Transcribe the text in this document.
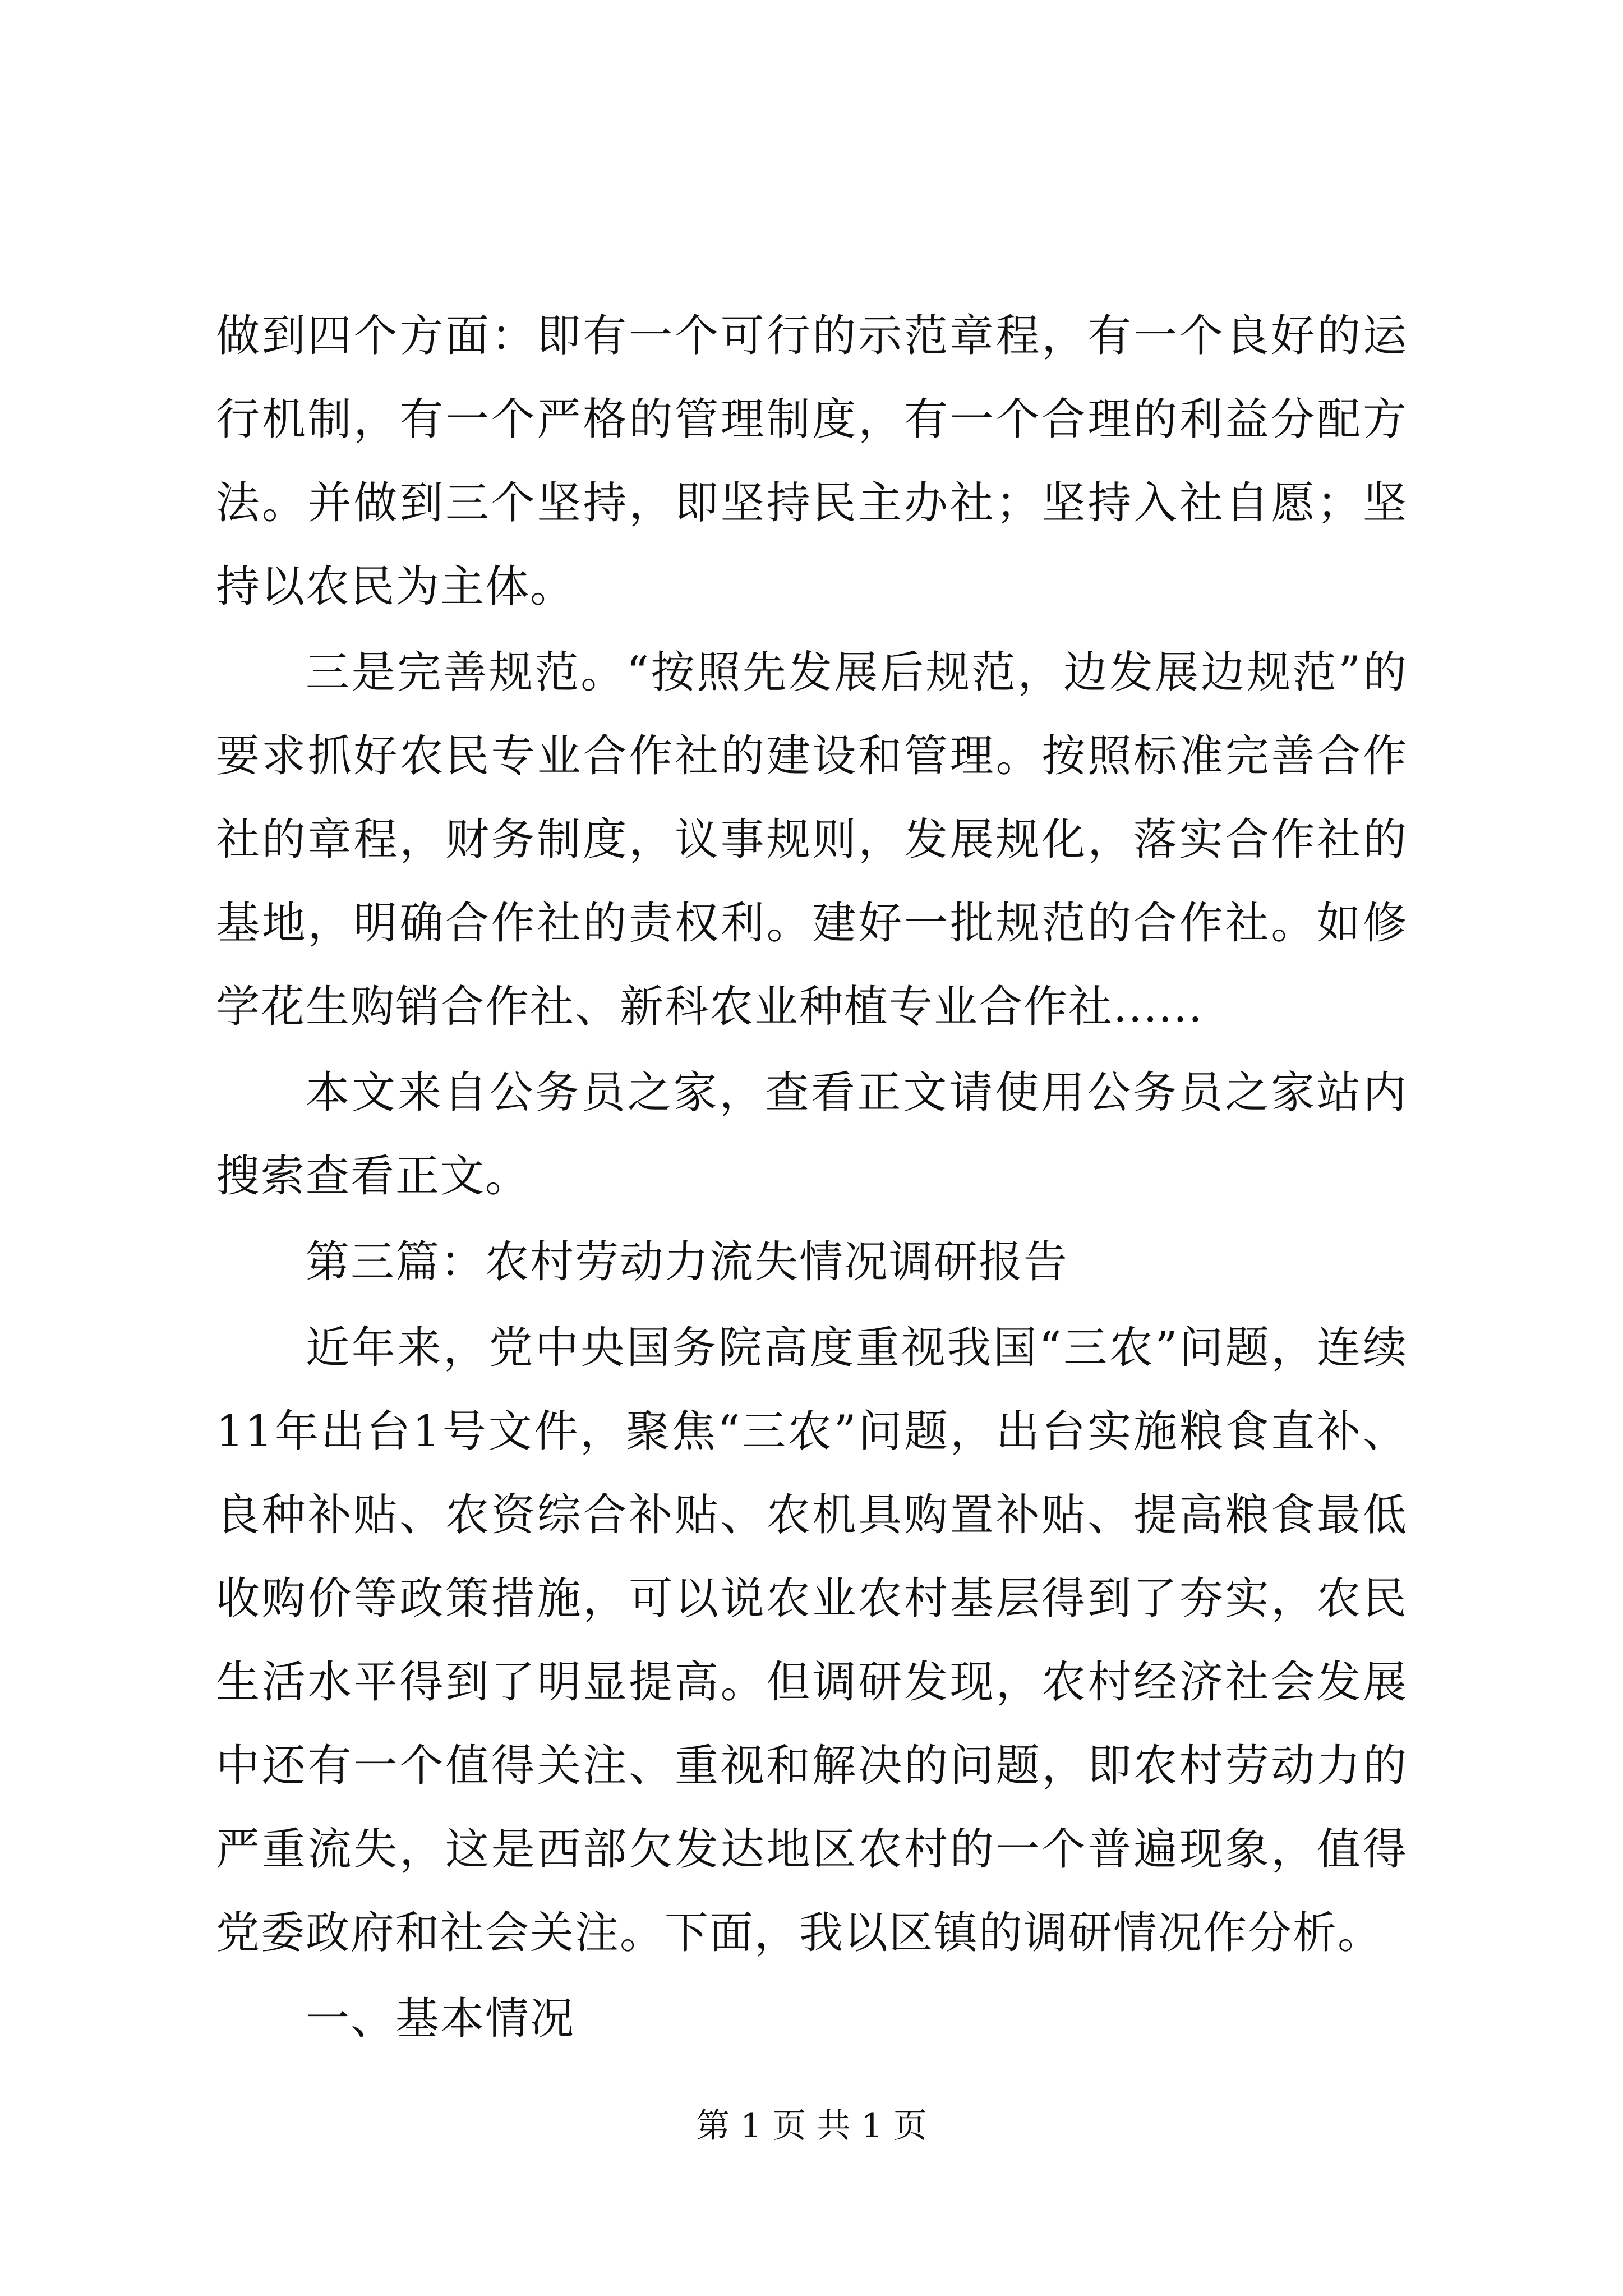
做到四个方面：即有一个可行的示范章程，有一个良好的运行机制，有一个严格的管理制度，有一个合理的利益分配方法。并做到三个坚持，即坚持民主办社；坚持入社自愿；坚持以农民为主体。

三是完善规范。“按照先发展后规范，边发展边规范”的要求抓好农民专业合作社的建设和管理。按照标准完善合作社的章程，财务制度，议事规则，发展规化，落实合作社的基地，明确合作社的责权利。建好一批规范的合作社。如修学花生购销合作社、新科农业种植专业合作社......

本文来自公务员之家，查看正文请使用公务员之家站内搜索查看正文。

第三篇：农村劳动力流失情况调研报告

近年来，党中央国务院高度重视我国“三农”问题，连续11年出台1号文件，聚焦“三农”问题，出台实施粮食直补、良种补贴、农资综合补贴、农机具购置补贴、提高粮食最低收购价等政策措施，可以说农业农村基层得到了夯实，农民生活水平得到了明显提高。但调研发现，农村经济社会发展中还有一个值得关注、重视和解决的问题，即农村劳动力的严重流失，这是西部欠发达地区农村的一个普遍现象，值得党委政府和社会关注。下面，我以区镇的调研情况作分析。

一、基本情况

第 1 页 共 1 页
